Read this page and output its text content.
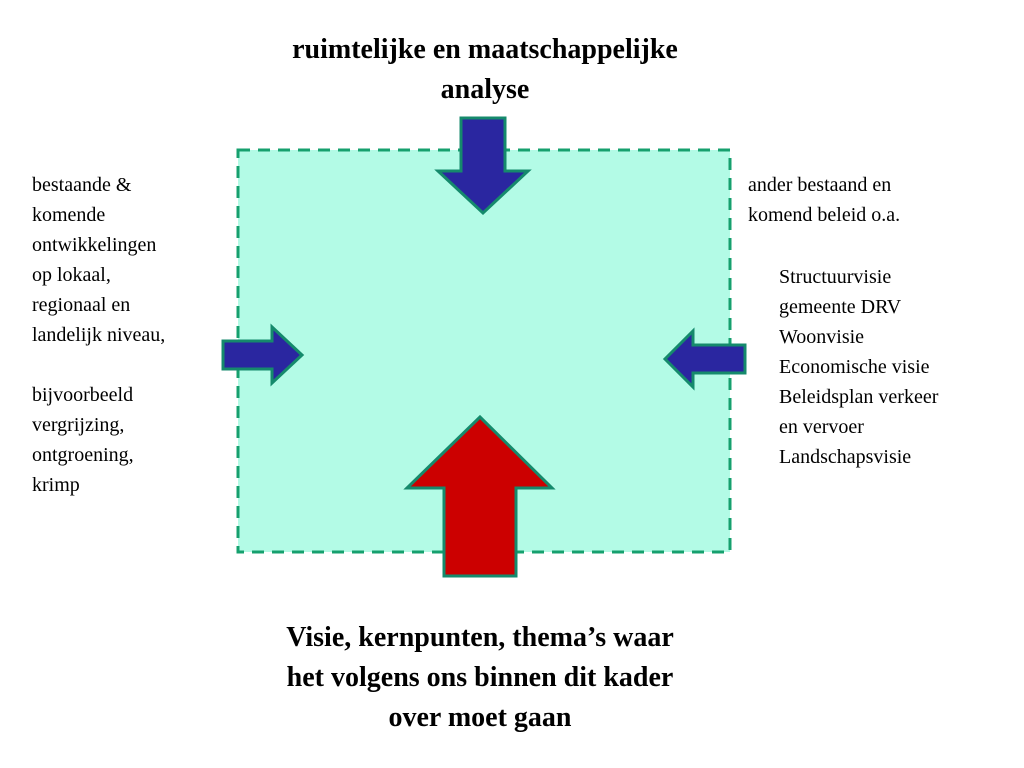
ruimtelijke en maatschappelijke
analyse
bestaande &
komende
ontwikkelingen
op lokaal,
regionaal en
landelijk niveau,
bijvoorbeeld
vergrijzing,
ontgroening,
krimp
ander bestaand en
komend beleid o.a.
Structuurvisie
gemeente DRV
Woonvisie
Economische visie
Beleidsplan verkeer
en vervoer
Landschapsvisie
Visie, kernpunten, thema’s waar
het volgens ons binnen dit kader
over moet gaan
